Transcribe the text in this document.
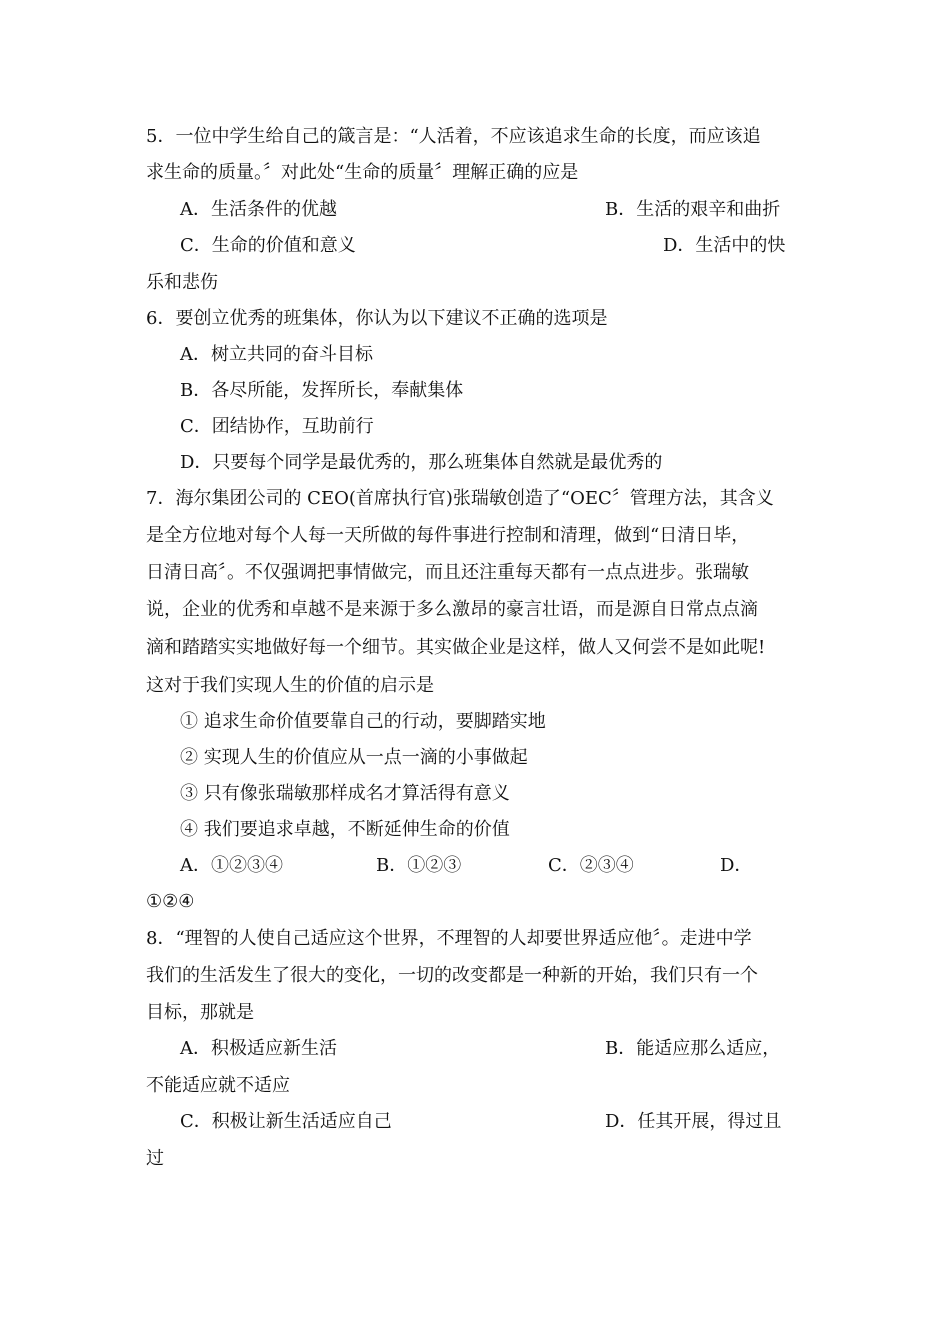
5．一位中学生给自己的箴言是：“人活着，不应该追求生命的长度，而应该追
求生命的质量。〞对此处“生命的质量〞理解正确的应是
A．生活条件的优越	B．生活的艰辛和曲折
C．生命的价值和意义	D．生活中的快
乐和悲伤
6．要创立优秀的班集体，你认为以下建议不正确的选项是
A．树立共同的奋斗目标
B．各尽所能，发挥所长，奉献集体
C．团结协作，互助前行
D．只要每个同学是最优秀的，那么班集体自然就是最优秀的
7．海尔集团公司的 CEO(首席执行官)张瑞敏创造了“OEC〞管理方法，其含义
是全方位地对每个人每一天所做的每件事进行控制和清理，做到“日清日毕，
日清日高〞。不仅强调把事情做完，而且还注重每天都有一点点进步。张瑞敏
说，企业的优秀和卓越不是来源于多么激昂的豪言壮语，而是源自日常点点滴
滴和踏踏实实地做好每一个细节。其实做企业是这样，做人又何尝不是如此呢!
这对于我们实现人生的价值的启示是
① 追求生命价值要靠自己的行动，要脚踏实地
② 实现人生的价值应从一点一滴的小事做起
③ 只有像张瑞敏那样成名才算活得有意义
④ 我们要追求卓越，不断延伸生命的价值
A．①②③④	B．①②③	C．②③④	D．
①②④
8．“理智的人使自己适应这个世界，不理智的人却要世界适应他〞。走进中学
我们的生活发生了很大的变化，一切的改变都是一种新的开始，我们只有一个
目标，那就是
A．积极适应新生活	B．能适应那么适应，
不能适应就不适应
C．积极让新生活适应自己	D．任其开展，得过且
过
